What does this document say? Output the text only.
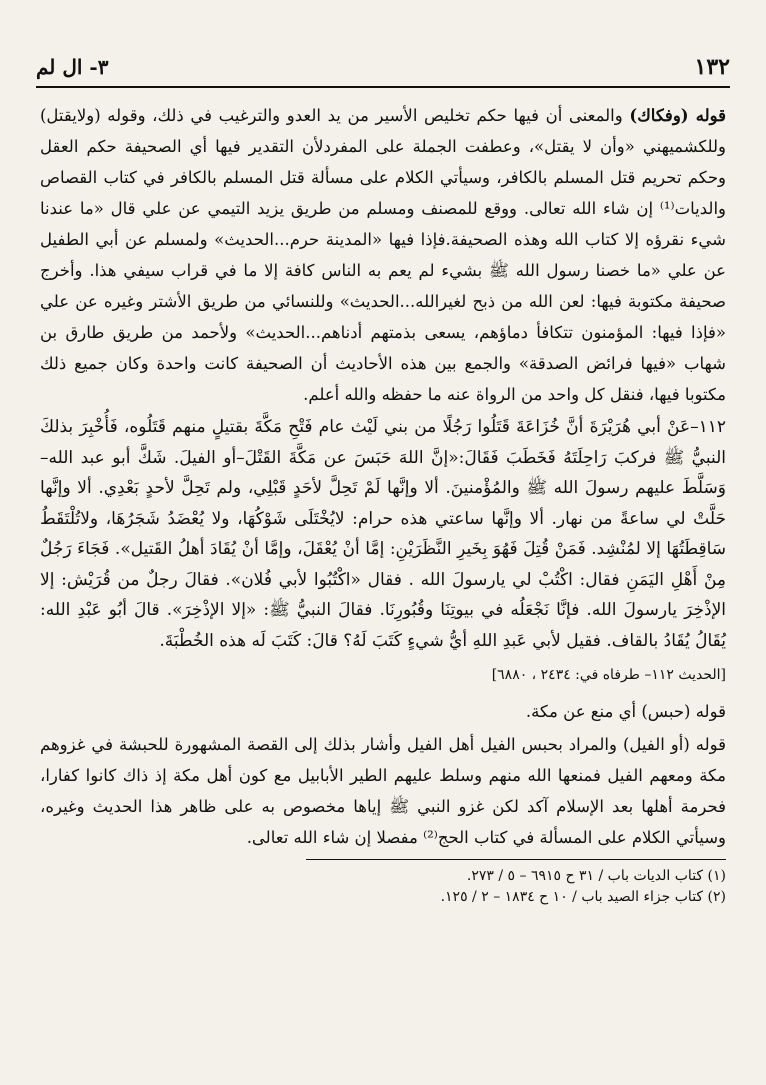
٣- ال لم	١٣٢

قوله (وفكاك) والمعنى أن فيها حكم تخليص الأسير من يد العدو والترغيب في ذلك، وقوله (ولايقتل) وللكشميهني «وأن لا يقتل»، وعطفت الجملة على المفردلأن التقدير فيها أي الصحيفة حكم العقل وحكم تحريم قتل المسلم بالكافر، وسيأتي الكلام على مسألة قتل المسلم بالكافر في كتاب القصاص والديات⁽¹⁾ إن شاء الله تعالى. ووقع للمصنف ومسلم من طريق يزيد التيمي عن علي قال «ما عندنا شيء نقرؤه إلا كتاب الله وهذه الصحيفة.فإذا فيها «المدينة حرم...الحديث» ولمسلم عن أبي الطفيل عن علي «ما خصنا رسول الله ﷺ بشيء لم يعم به الناس كافة إلا ما في قراب سيفي هذا. وأخرج صحيفة مكتوبة فيها: لعن الله من ذبح لغيرالله...الحديث» وللنسائي من طريق الأشتر وغيره عن علي «فإذا فيها: المؤمنون تتكافأ دماؤهم، يسعى بذمتهم أدناهم...الحديث» ولأحمد من طريق طارق بن شهاب «فيها فرائض الصدقة» والجمع بين هذه الأحاديث أن الصحيفة كانت واحدة وكان جميع ذلك مكتوبا فيها، فنقل كل واحد من الرواة عنه ما حفظه والله أعلم.

١١٢–عَنْ أبي هُرَيْرَةَ أنَّ خُزَاعَةَ قَتَلُوا رَجُلًا من بني لَيْث عام فَتْحِ مَكَّةَ بقتيلٍ منهم قَتَلُوه، فَأُخْبِرَ بذلكَ النبيُّ ﷺ فركبَ رَاحِلَتَهُ فَخَطَبَ فَقَالَ:«إنَّ اللهَ حَبَسَ عن مَكَّةَ القَتْلَ–أو الفيلَ. شَكَّ أبو عبد الله–وَسَلَّطَ عليهم رسولَ الله ﷺ والمُؤْمنينَ. ألا وإنَّها لَمْ تَحِلَّ لأحَدٍ قَبْلِي، ولم تَحِلَّ لأحدٍ بَعْدِي. ألا وإنَّها حَلَّتْ لي ساعةً من نهار. ألا وإنَّها ساعتي هذه حرام: لايُخْتَلَى شَوْكُهَا، ولا يُعْضَدُ شَجَرُهَا، ولاتُلْتَقَطُ سَاقِطَتُهَا إلا لمُنْشِد. فَمَنْ قُتِلَ فَهُوَ بِخَيرِ النَّظَرَيْنِ: إمَّا أنْ يُعْقَلَ، وإمَّا أنْ يُقَادَ أهلُ القَتيل». فَجَاءَ رَجُلٌ مِنْ أَهْلِ اليَمَنِ فقال: اكْتُبْ لي يارسولَ الله . فقال «اكْتُبُوا لأبي فُلان». فقالَ رجلٌ من قُرَيْش: إلا الإذْخِرَ يارسولَ الله. فإنَّا نَجْعَلُه في بيوتِنَا وقُبُورِنَا. فقالَ النبيُّ ﷺ: «إلا الإذْخِرَ». قالَ أبُو عَبْدِ الله: يُقَالُ يُقَادُ بالقاف. فقيل لأبي عَبدِ اللهِ أيُّ شيءٍ كَتَبَ لَهُ؟ قالَ: كَتَبَ لَه هذه الخُطْبَةَ.

[الحديث ١١٢– طرفاه في: ٢٤٣٤ ، ٦٨٨٠]

قوله (حبس) أي منع عن مكة.

قوله (أو الفيل) والمراد بحبس الفيل أهل الفيل وأشار بذلك إلى القصة المشهورة للحبشة في غزوهم مكة ومعهم الفيل فمنعها الله منهم وسلط عليهم الطير الأبابيل مع كون أهل مكة إذ ذاك كانوا كفارا، فحرمة أهلها بعد الإسلام آكد لكن غزو النبي ﷺ إياها مخصوص به على ظاهر هذا الحديث وغيره، وسيأتي الكلام على المسألة في كتاب الحج⁽²⁾ مفصلا إن شاء الله تعالى.

(١) كتاب الديات باب / ٣١ ح ٦٩١٥ – ٥ / ٢٧٣.

(٢) كتاب جزاء الصيد باب / ١٠ ح ١٨٣٤ – ٢ / ١٢٥.
